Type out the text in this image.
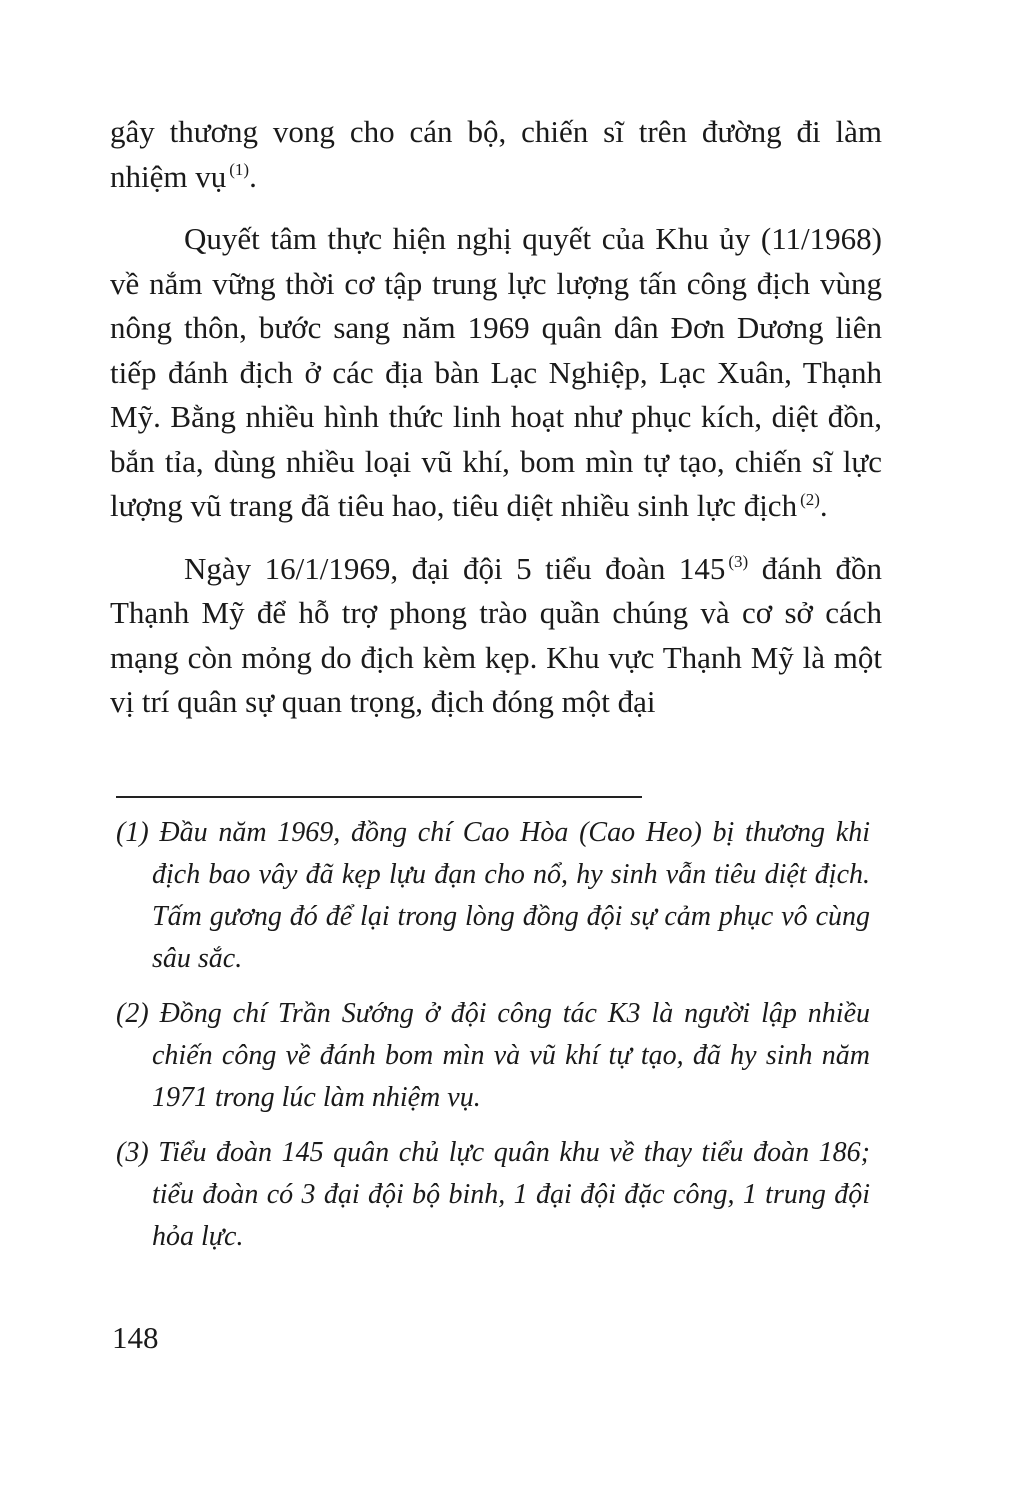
gây thương vong cho cán bộ, chiến sĩ trên đường đi làm nhiệm vụ $^{(1)}$.

Quyết tâm thực hiện nghị quyết của Khu ủy (11/1968) về nắm vững thời cơ tập trung lực lượng tấn công địch vùng nông thôn, bước sang năm 1969 quân dân Đơn Dương liên tiếp đánh địch ở các địa bàn Lạc Nghiệp, Lạc Xuân, Thạnh Mỹ. Bằng nhiều hình thức linh hoạt như phục kích, diệt đồn, bắn tỉa, dùng nhiều loại vũ khí, bom mìn tự tạo, chiến sĩ lực lượng vũ trang đã tiêu hao, tiêu diệt nhiều sinh lực địch $^{(2)}$.

Ngày 16/1/1969, đại đội 5 tiểu đoàn 145 $^{(3)}$ đánh đồn Thạnh Mỹ để hỗ trợ phong trào quần chúng và cơ sở cách mạng còn mỏng do địch kèm kẹp. Khu vực Thạnh Mỹ là một vị trí quân sự quan trọng, địch đóng một đại

(1) Đầu năm 1969, đồng chí Cao Hòa (Cao Heo) bị thương khi địch bao vây đã kẹp lựu đạn cho nổ, hy sinh vẫn tiêu diệt địch. Tấm gương đó để lại trong lòng đồng đội sự cảm phục vô cùng sâu sắc.

(2) Đồng chí Trần Sướng ở đội công tác K3 là người lập nhiều chiến công về đánh bom mìn và vũ khí tự tạo, đã hy sinh năm 1971 trong lúc làm nhiệm vụ.

(3) Tiểu đoàn 145 quân chủ lực quân khu về thay tiểu đoàn 186; tiểu đoàn có 3 đại đội bộ binh, 1 đại đội đặc công, 1 trung đội hỏa lực.

148
